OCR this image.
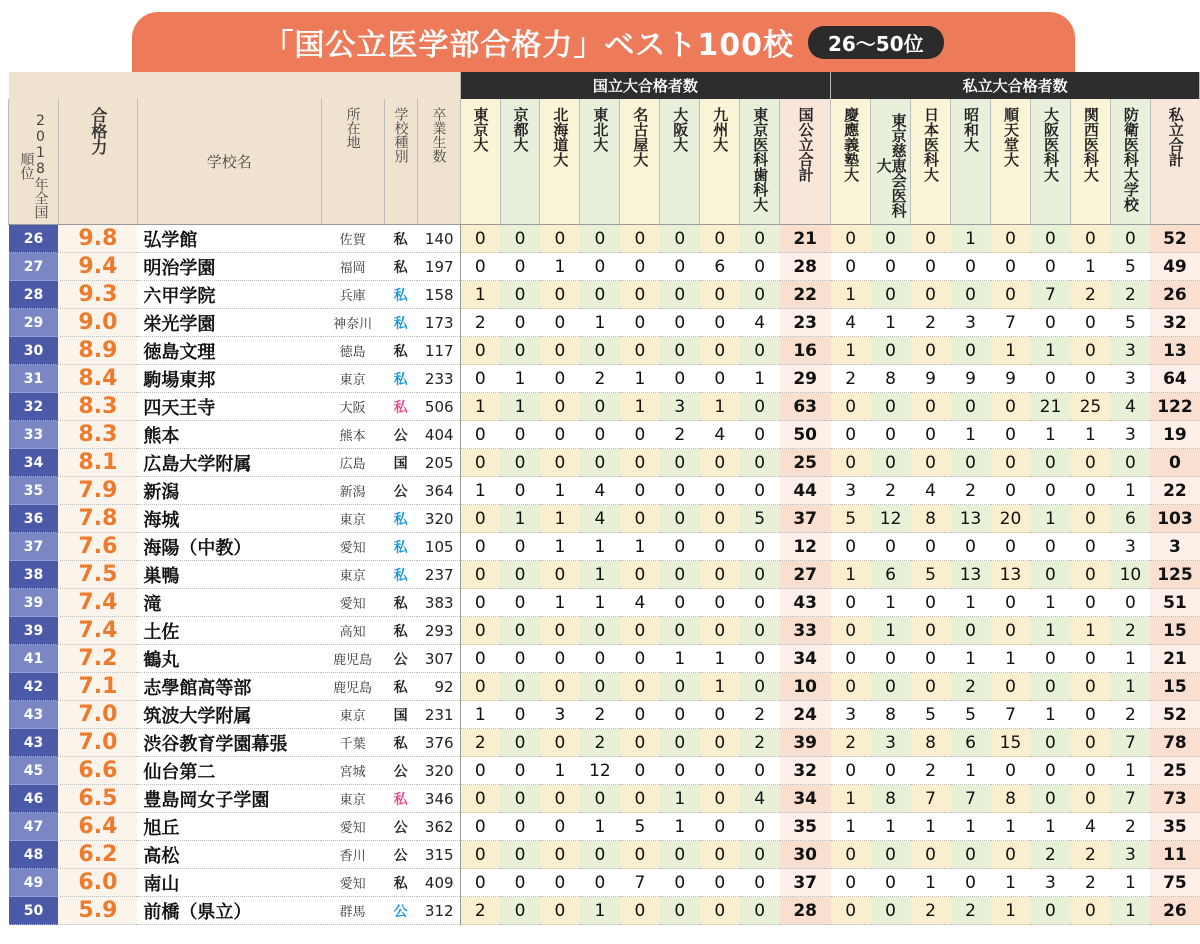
「国公立医学部合格力」ベスト100校	26～50位
						国立大合格者数									私立大合格者数								

2018年全国順位	合格力	学校名	所在地	学校種別	卒業生数	東京大	京都大	北海道大	東北大	名古屋大	大阪大	九州大	東京医科歯科大	国公立合計	慶應義塾大	東京慈恵会医科大	日本医科大	昭和大	順天堂大	大阪医科大	関西医科大	防衛医科大学校	私立合計

26	9.8	弘学館	佐賀	私	140	0	0	0	0	0	0	0	0	21	0	0	0	1	0	0	0	0	52
27	9.4	明治学園	福岡	私	197	0	0	1	0	0	0	6	0	28	0	0	0	0	0	0	1	5	49
28	9.3	六甲学院	兵庫	私	158	1	0	0	0	0	0	0	0	22	1	0	0	0	0	7	2	2	26
29	9.0	栄光学園	神奈川	私	173	2	0	0	1	0	0	0	4	23	4	1	2	3	7	0	0	5	32
30	8.9	徳島文理	徳島	私	117	0	0	0	0	0	0	0	0	16	1	0	0	0	1	1	0	3	13
31	8.4	駒場東邦	東京	私	233	0	1	0	2	1	0	0	1	29	2	8	9	9	9	0	0	3	64
32	8.3	四天王寺	大阪	私	506	1	1	0	0	1	3	1	0	63	0	0	0	0	0	21	25	4	122
33	8.3	熊本	熊本	公	404	0	0	0	0	0	2	4	0	50	0	0	0	1	0	1	1	3	19
34	8.1	広島大学附属	広島	国	205	0	0	0	0	0	0	0	0	25	0	0	0	0	0	0	0	0	0
35	7.9	新潟	新潟	公	364	1	0	1	4	0	0	0	0	44	3	2	4	2	0	0	0	1	22
36	7.8	海城	東京	私	320	0	1	1	4	0	0	0	5	37	5	12	8	13	20	1	0	6	103
37	7.6	海陽（中教）	愛知	私	105	0	0	1	1	1	0	0	0	12	0	0	0	0	0	0	0	3	3
38	7.5	巣鴨	東京	私	237	0	0	0	1	0	0	0	0	27	1	6	5	13	13	0	0	10	125
39	7.4	滝	愛知	私	383	0	0	1	1	4	0	0	0	43	0	1	0	1	0	1	0	0	51
39	7.4	土佐	高知	私	293	0	0	0	0	0	0	0	0	33	0	1	0	0	0	1	1	2	15
41	7.2	鶴丸	鹿児島	公	307	0	0	0	0	0	1	1	0	34	0	0	0	1	1	0	0	1	21
42	7.1	志學館高等部	鹿児島	私	92	0	0	0	0	0	0	1	0	10	0	0	0	2	0	0	0	1	15
43	7.0	筑波大学附属	東京	国	231	1	0	3	2	0	0	0	2	24	3	8	5	5	7	1	0	2	52
43	7.0	渋谷教育学園幕張	千葉	私	376	2	0	0	2	0	0	0	2	39	2	3	8	6	15	0	0	7	78
45	6.6	仙台第二	宮城	公	320	0	0	1	12	0	0	0	0	32	0	0	2	1	0	0	0	1	25
46	6.5	豊島岡女子学園	東京	私	346	0	0	0	0	0	1	0	4	34	1	8	7	7	8	0	0	7	73
47	6.4	旭丘	愛知	公	362	0	0	0	1	5	1	0	0	35	1	1	1	1	1	1	4	2	35
48	6.2	高松	香川	公	315	0	0	0	0	0	0	0	0	30	0	0	0	0	0	2	2	3	11
49	6.0	南山	愛知	私	409	0	0	0	0	7	0	0	0	37	0	0	1	0	1	3	2	1	75
50	5.9	前橋（県立）	群馬	公	312	2	0	0	1	0	0	0	0	28	0	0	2	2	1	0	0	1	26
